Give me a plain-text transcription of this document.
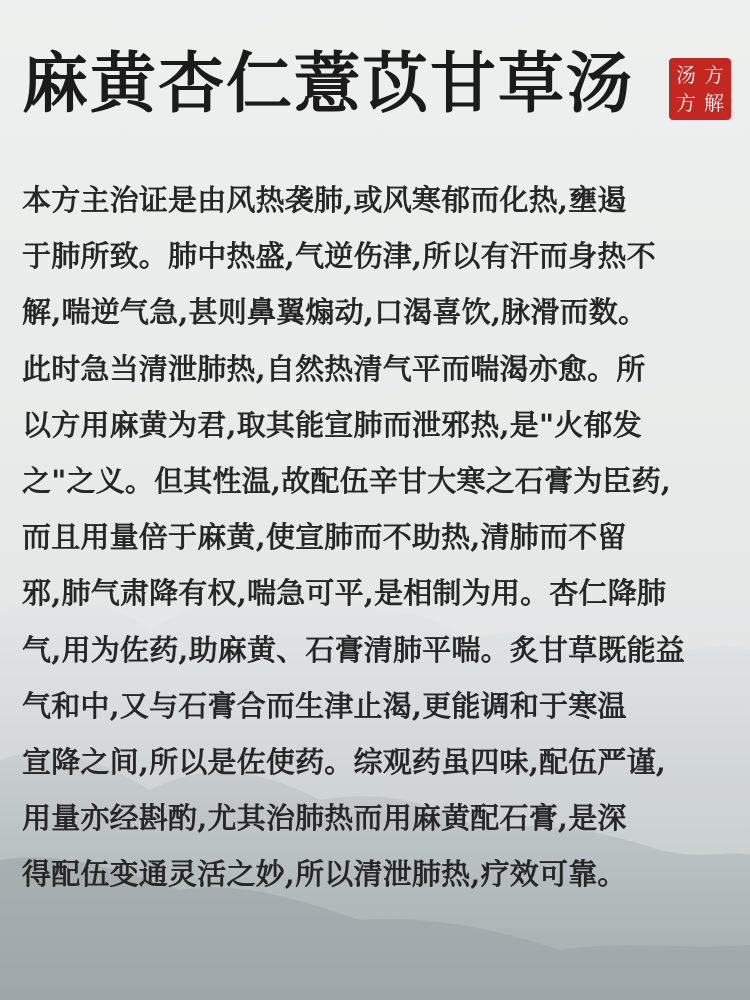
麻黄杏仁薏苡甘草汤	汤 方
方 解
本方主治证是由风热袭肺,或风寒郁而化热,壅遏
于肺所致。肺中热盛,气逆伤津,所以有汗而身热不
解,喘逆气急,甚则鼻翼煽动,口渴喜饮,脉滑而数。
此时急当清泄肺热,自然热清气平而喘渴亦愈。所
以方用麻黄为君,取其能宣肺而泄邪热,是"火郁发
之"之义。但其性温,故配伍辛甘大寒之石膏为臣药,
而且用量倍于麻黄,使宣肺而不助热,清肺而不留
邪,肺气肃降有权,喘急可平,是相制为用。杏仁降肺
气,用为佐药,助麻黄、石膏清肺平喘。炙甘草既能益
气和中,又与石膏合而生津止渴,更能调和于寒温
宣降之间,所以是佐使药。综观药虽四味,配伍严谨,
用量亦经斟酌,尤其治肺热而用麻黄配石膏,是深
得配伍变通灵活之妙,所以清泄肺热,疗效可靠。
